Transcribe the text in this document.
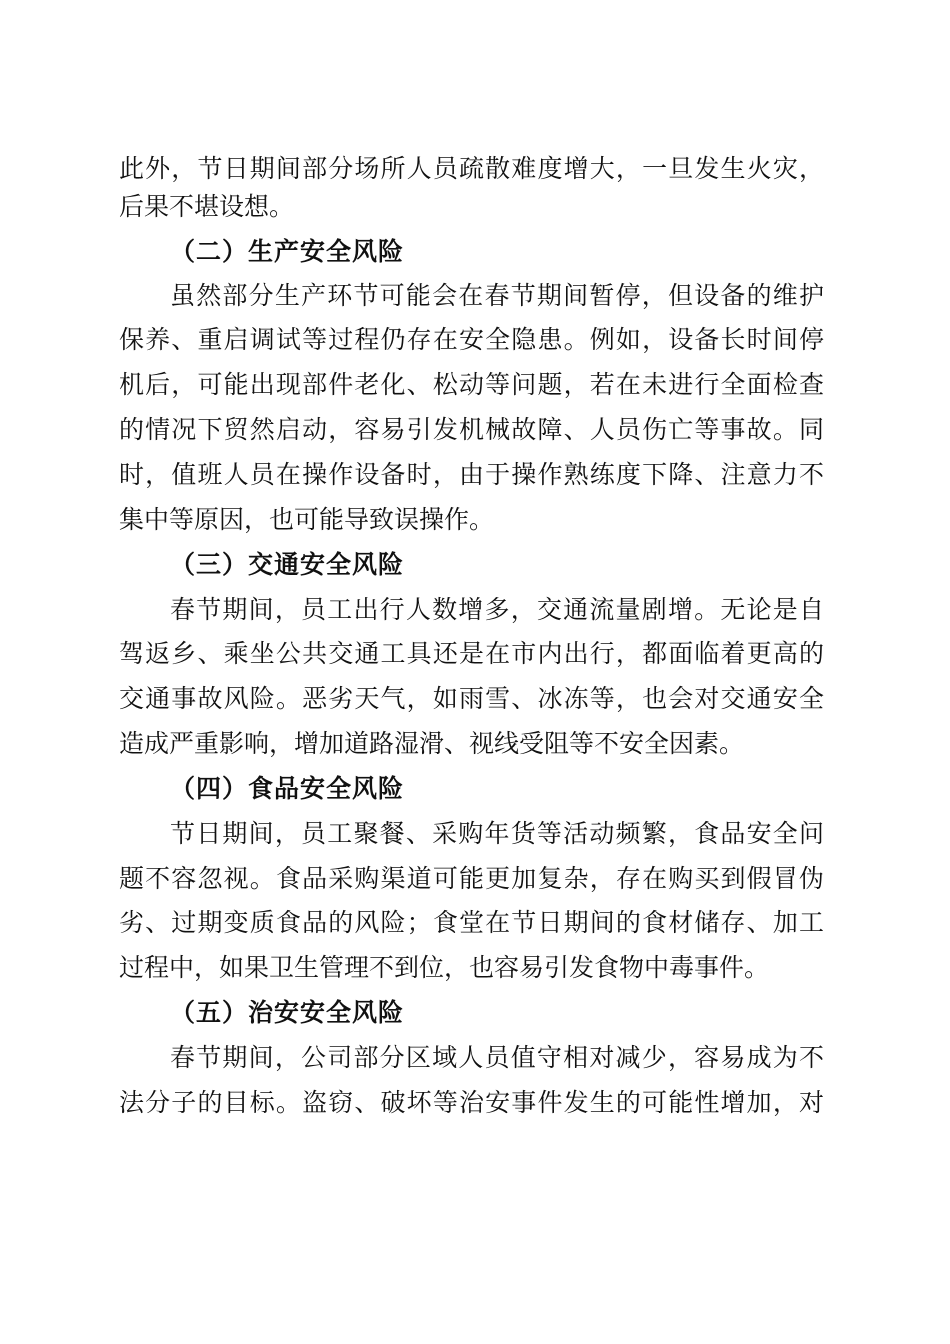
此外，节日期间部分场所人员疏散难度增大，一旦发生火灾，
后果不堪设想。
（二）生产安全风险
虽然部分生产环节可能会在春节期间暂停，但设备的维护
保养、重启调试等过程仍存在安全隐患。例如，设备长时间停
机后，可能出现部件老化、松动等问题，若在未进行全面检查
的情况下贸然启动，容易引发机械故障、人员伤亡等事故。同
时，值班人员在操作设备时，由于操作熟练度下降、注意力不
集中等原因，也可能导致误操作。
（三）交通安全风险
春节期间，员工出行人数增多，交通流量剧增。无论是自
驾返乡、乘坐公共交通工具还是在市内出行，都面临着更高的
交通事故风险。恶劣天气，如雨雪、冰冻等，也会对交通安全
造成严重影响，增加道路湿滑、视线受阻等不安全因素。
（四）食品安全风险
节日期间，员工聚餐、采购年货等活动频繁，食品安全问
题不容忽视。食品采购渠道可能更加复杂，存在购买到假冒伪
劣、过期变质食品的风险；食堂在节日期间的食材储存、加工
过程中，如果卫生管理不到位，也容易引发食物中毒事件。
（五）治安安全风险
春节期间，公司部分区域人员值守相对减少，容易成为不
法分子的目标。盗窃、破坏等治安事件发生的可能性增加，对
